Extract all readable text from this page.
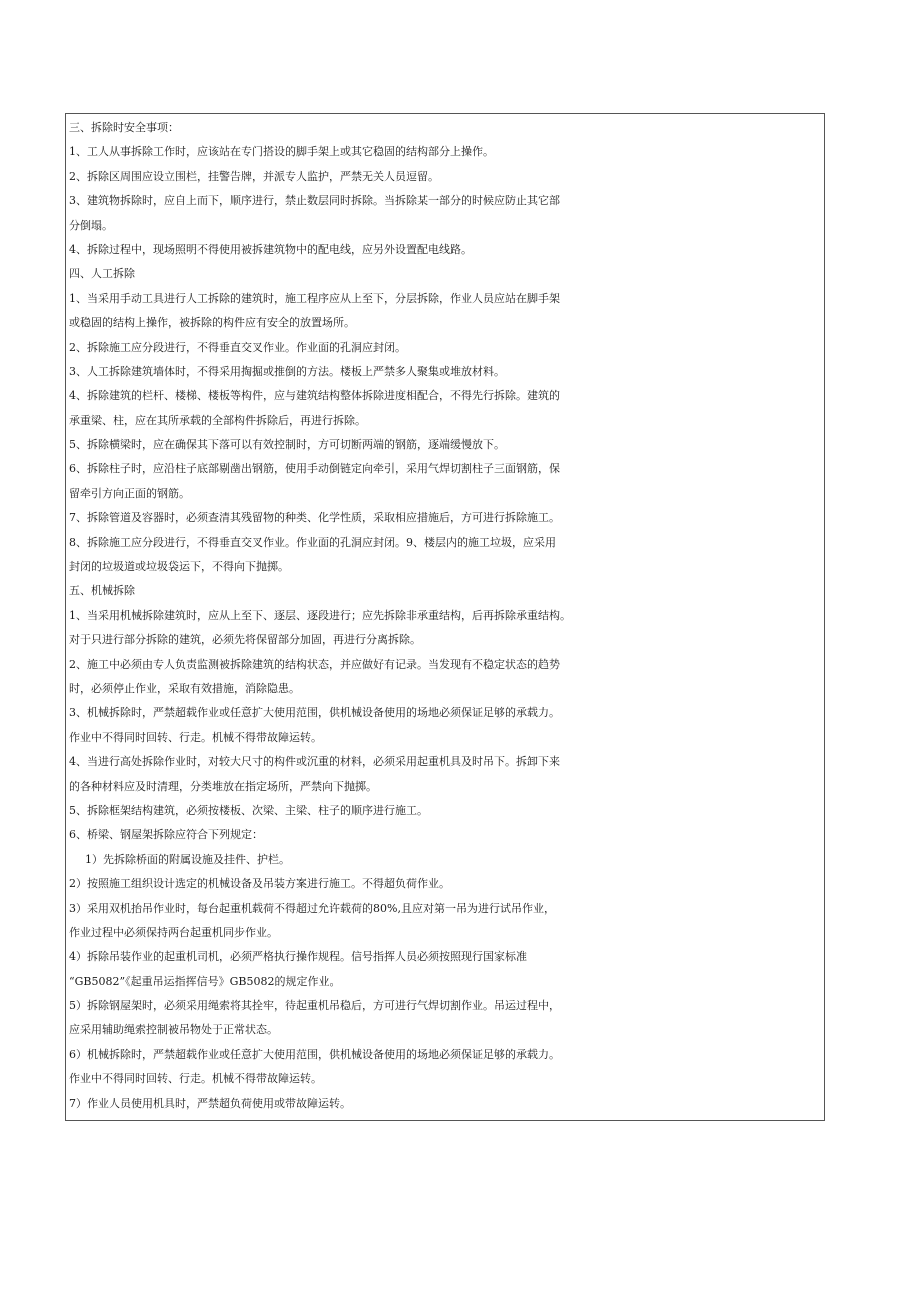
三、拆除时安全事项：
1、工人从事拆除工作时，应该站在专门搭设的脚手架上或其它稳固的结构部分上操作。
2、拆除区周围应设立围栏，挂警告牌，并派专人监护，严禁无关人员逗留。
3、建筑物拆除时，应自上而下，顺序进行，禁止数层同时拆除。当拆除某一部分的时候应防止其它部
分倒塌。
4、拆除过程中，现场照明不得使用被拆建筑物中的配电线，应另外设置配电线路。
四、人工拆除
1、当采用手动工具进行人工拆除的建筑时，施工程序应从上至下，分层拆除，作业人员应站在脚手架
或稳固的结构上操作，被拆除的构件应有安全的放置场所。
2、拆除施工应分段进行，不得垂直交叉作业。作业面的孔洞应封闭。
3、人工拆除建筑墙体时，不得采用掏掘或推倒的方法。楼板上严禁多人聚集或堆放材料。
4、拆除建筑的栏杆、楼梯、楼板等构件，应与建筑结构整体拆除进度相配合，不得先行拆除。建筑的
承重梁、柱，应在其所承载的全部构件拆除后，再进行拆除。
5、拆除横梁时，应在确保其下落可以有效控制时，方可切断两端的钢筋，逐端缓慢放下。
6、拆除柱子时，应沿柱子底部剔凿出钢筋，使用手动倒链定向牵引，采用气焊切割柱子三面钢筋，保
留牵引方向正面的钢筋。
7、拆除管道及容器时，必须查清其残留物的种类、化学性质，采取相应措施后，方可进行拆除施工。
8、拆除施工应分段进行，不得垂直交叉作业。作业面的孔洞应封闭。9、楼层内的施工垃圾，应采用
封闭的垃圾道或垃圾袋运下，不得向下抛掷。
五、机械拆除
1、当采用机械拆除建筑时，应从上至下、逐层、逐段进行；应先拆除非承重结构，后再拆除承重结构。
对于只进行部分拆除的建筑，必须先将保留部分加固，再进行分离拆除。
2、施工中必须由专人负责监测被拆除建筑的结构状态，并应做好有记录。当发现有不稳定状态的趋势
时，必须停止作业，采取有效措施，消除隐患。
3、机械拆除时，严禁超载作业或任意扩大使用范围，供机械设备使用的场地必须保证足够的承载力。
作业中不得同时回转、行走。机械不得带故障运转。
4、当进行高处拆除作业时，对较大尺寸的构件或沉重的材料，必须采用起重机具及时吊下。拆卸下来
的各种材料应及时清理，分类堆放在指定场所，严禁向下抛掷。
5、拆除框架结构建筑，必须按楼板、次梁、主梁、柱子的顺序进行施工。
6、桥梁、钢屋架拆除应符合下列规定：
1）先拆除桥面的附属设施及挂件、护栏。
2）按照施工组织设计选定的机械设备及吊装方案进行施工。不得超负荷作业。
3）采用双机抬吊作业时，每台起重机载荷不得超过允许载荷的80%,且应对第一吊为进行试吊作业，
作业过程中必须保持两台起重机同步作业。
4）拆除吊装作业的起重机司机，必须严格执行操作规程。信号指挥人员必须按照现行国家标准
“GB5082”《起重吊运指挥信号》GB5082的规定作业。
5）拆除钢屋架时，必须采用绳索将其拴牢，待起重机吊稳后，方可进行气焊切割作业。吊运过程中，
应采用辅助绳索控制被吊物处于正常状态。
6）机械拆除时，严禁超载作业或任意扩大使用范围，供机械设备使用的场地必须保证足够的承载力。
作业中不得同时回转、行走。机械不得带故障运转。
7）作业人员使用机具时，严禁超负荷使用或带故障运转。
